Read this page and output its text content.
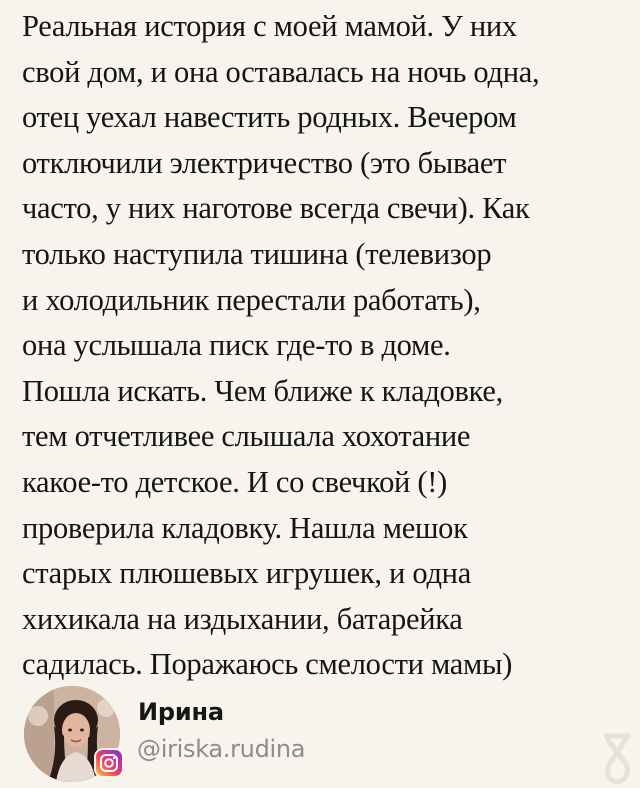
Реальная история с моей мамой. У них
свой дом, и она оставалась на ночь одна,
отец уехал навестить родных. Вечером
отключили электричество (это бывает
часто, у них наготове всегда свечи). Как
только наступила тишина (телевизор
и холодильник перестали работать),
она услышала писк где-то в доме.
Пошла искать. Чем ближе к кладовке,
тем отчетливее слышала хохотание
какое-то детское. И со свечкой (!)
проверила кладовку. Нашла мешок
старых плюшевых игрушек, и одна
хихикала на издыхании, батарейка
садилась. Поражаюсь смелости мамы)
Ирина
@iriska.rudina
